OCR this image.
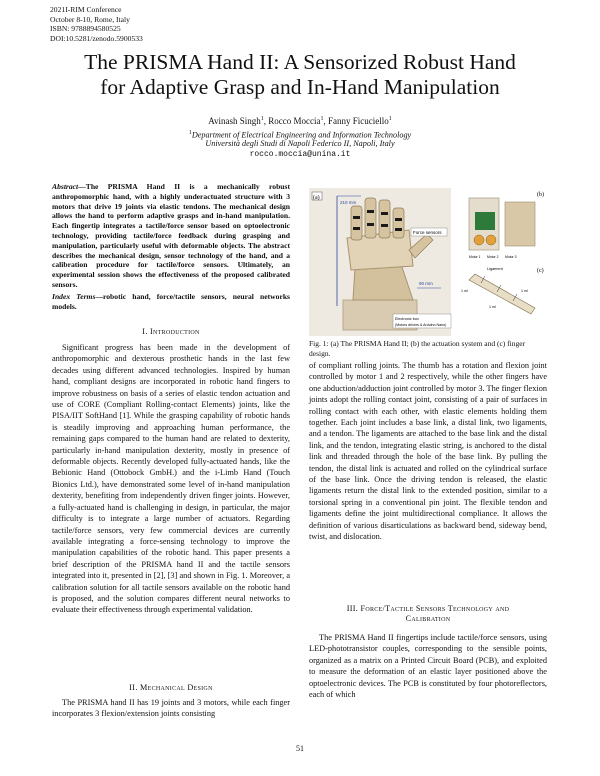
2021I-RIM Conference
October 8-10, Rome, Italy
ISBN: 9788894580525
DOI:10.5281/zenodo.5900533
The PRISMA Hand II: A Sensorized Robust Hand
for Adaptive Grasp and In-Hand Manipulation
Avinash Singh$^1$, Rocco Moccia$^1$, Fanny Ficuciello$^1$
$^1$Department of Electrical Engineering and Information Technology
Università degli Studi di Napoli Federico II, Napoli, Italy
rocco.moccia@unina.it
Abstract—The PRISMA Hand II is a mechanically robust anthropomorphic hand, with a highly underactuated structure with 3 motors that drive 19 joints via elastic tendons. The mechanical design allows the hand to perform adaptive grasps and in-hand manipulation. Each fingertip integrates a tactile/force sensor based on optoelectronic technology, providing tactile/force feedback during grasping and manipulation, particularly useful with deformable objects. The abstract describes the mechanical design, sensor technology of the hand, and a calibration procedure for tactile/force sensors. Ultimately, an experimental session shows the effectiveness of the proposed calibrated sensors.
Index Terms—robotic hand, force/tactile sensors, neural networks models.
I. Introduction

Significant progress has been made in the development of anthropomorphic and dexterous prosthetic hands in the last few decades using different advanced technologies. Inspired by human hand, compliant designs are incorporated in robotic hand fingers to improve robustness on basis of a series of elastic tendon actuation and use of CORE (Compliant Rolling-contact Elements) joints, like the PISA/IIT SoftHand [1]. While the grasping capability of robotic hands is steadily improving and approaching human performance, the remaining gaps compared to the human hand are related to dexterity, particularly in-hand manipulation dexterity, mostly in presence of deformable objects. Recently developed fully-actuated hands, like the Bebionic Hand (Ottobock GmbH.) and the i-Limb Hand (Touch Bionics Ltd.), have demonstrated some level of in-hand manipulation dexterity, benefiting from independently driven finger joints. However, a fully-actuated hand is challenging in design, in particular, the major difficulty is to integrate a large number of actuators. Regarding tactile/force sensors, very few commercial devices are currently available integrating a force-sensing technology to improve the manipulation capabilities of the robotic hand. This paper presents a brief description of the PRISMA hand II and the tactile sensors integrated into it, presented in [2], [3] and shown in Fig. 1. Moreover, a calibration solution for all tactile sensors available on the robotic hand is proposed, and the solution compares different neural networks to evaluate their effectiveness through experimental validation.

II. Mechanical Design

The PRISMA hand II has 19 joints and 3 motors, while each finger incorporates 3 flexion/extension joints consisting

(a)
210 mm
90 mm
Force sensors
Electronic box
(Motors drivers & Arduino Nano)
(b)
Motor 1 Motor 2 Motor 3
(c)
Ligament
1 ml
1 ml
1 ml
Fig. 1: (a) The PRISMA Hand II; (b) the actuation system and (c) finger design.

of compliant rolling joints. The thumb has a rotation and flexion joint controlled by motor 1 and 2 respectively, while the other fingers have one abduction/adduction joint controlled by motor 3. The finger flexion joints adopt the rolling contact joint, consisting of a pair of surfaces in rolling contact with each other, with elastic elements holding them together. Each joint includes a base link, a distal link, two ligaments, and a tendon. The ligaments are attached to the base link and the distal link, and the tendon, integrating elastic string, is anchored to the distal link and threaded through the hole of the base link. By pulling the tendon, the distal link is actuated and rolled on the cylindrical surface of the base link. Once the driving tendon is released, the elastic ligaments return the distal link to the extended position, similar to a torsional spring in a conventional pin joint. The flexible tendon and ligaments define the joint multidirectional compliance. It allows the definition of various disarticulations as backward bend, sideway bend, twist, and dislocation.

III. Force/Tactile Sensors Technology and
Calibration

The PRISMA Hand II fingertips include tactile/force sensors, using LED-phototransistor couples, corresponding to the sensible points, organized as a matrix on a Printed Circuit Board (PCB), and exploited to measure the deformation of an elastic layer positioned above the optoelectronic devices. The PCB is constituted by four photoreflectors, each of which

51
